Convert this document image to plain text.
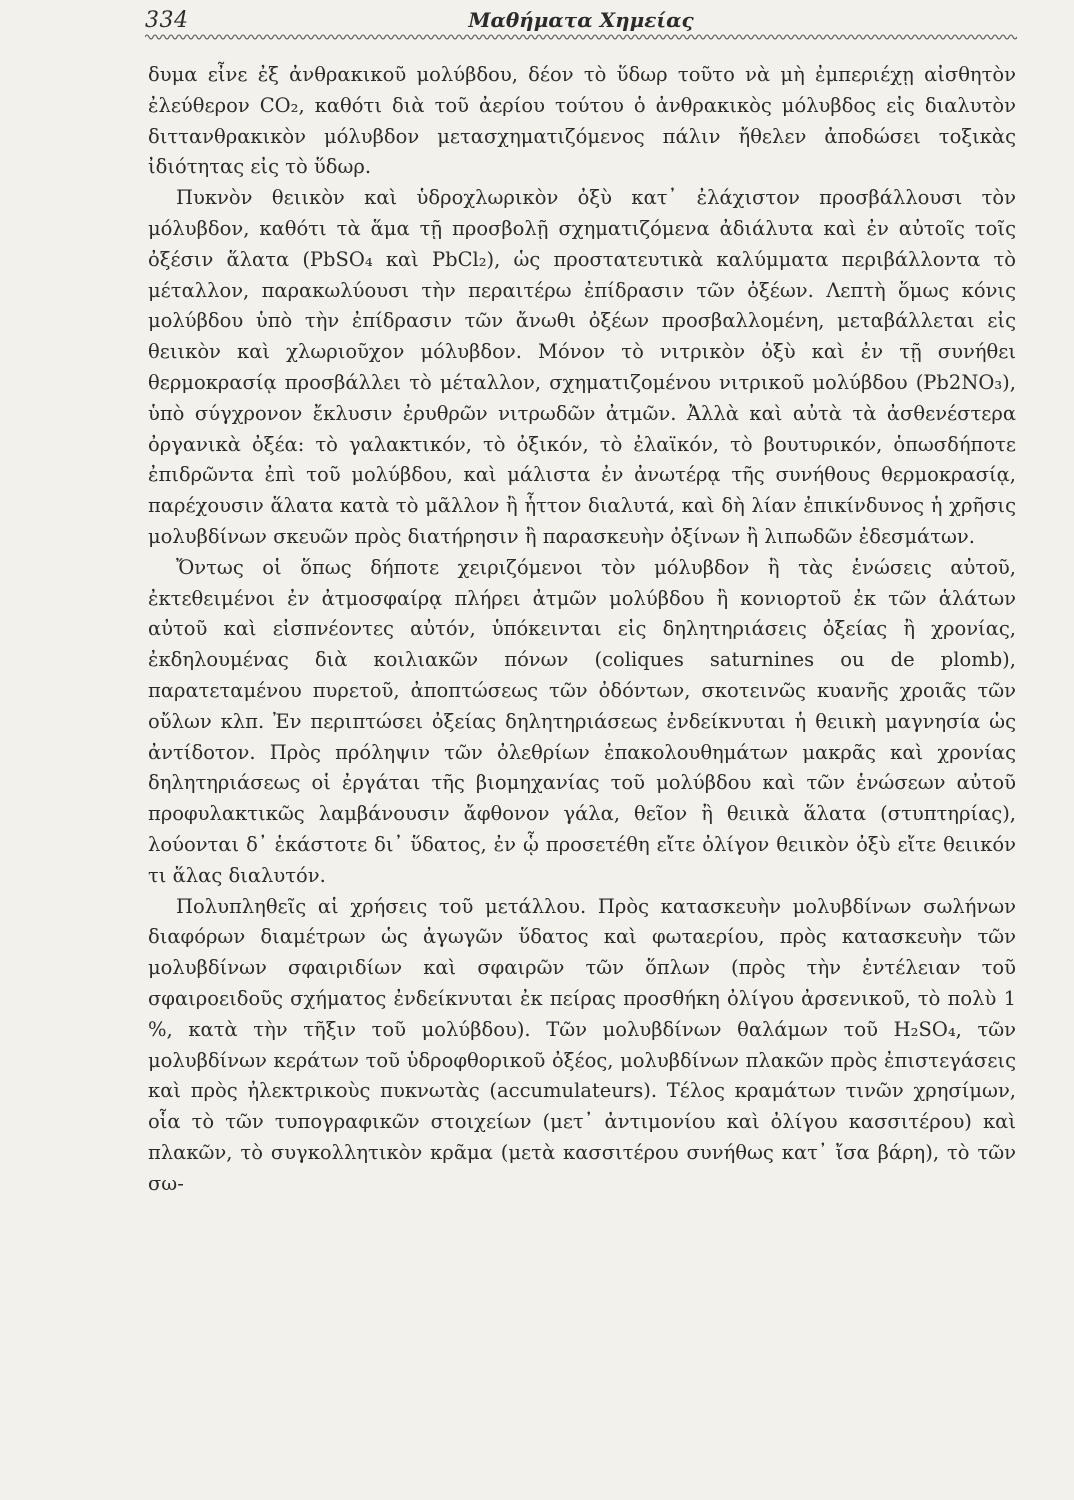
334	Μαθήματα Χημείας

δυμα εἶνε ἐξ ἀνθρακικοῦ μολύβδου, δέον τὸ ὕδωρ τοῦτο νὰ μὴ ἐμπεριέχῃ αἰσθητὸν ἐλεύθερον CO₂, καθότι διὰ τοῦ ἀερίου τούτου ὁ ἀνθρακικὸς μόλυβδος εἰς διαλυτὸν διττανθρακικὸν μόλυβδον μετασχηματιζόμενος πάλιν ἤθελεν ἀποδώσει τοξικὰς ἰδιότητας εἰς τὸ ὕδωρ.

Πυκνὸν θειικὸν καὶ ὑδροχλωρικὸν ὀξὺ κατ᾽ ἐλάχιστον προσβάλλουσι τὸν μόλυβδον, καθότι τὰ ἅμα τῇ προσβολῇ σχηματιζόμενα ἀδιάλυτα καὶ ἐν αὐτοῖς τοῖς ὀξέσιν ἅλατα (PbSO₄ καὶ PbCl₂), ὡς προστατευτικὰ καλύμματα περιβάλλοντα τὸ μέταλλον, παρακωλύουσι τὴν περαιτέρω ἐπίδρασιν τῶν ὀξέων. Λεπτὴ ὅμως κόνις μολύβδου ὑπὸ τὴν ἐπίδρασιν τῶν ἄνωθι ὀξέων προσβαλλομένη, μεταβάλλεται εἰς θειικὸν καὶ χλωριοῦχον μόλυβδον. Μόνον τὸ νιτρικὸν ὀξὺ καὶ ἐν τῇ συνήθει θερμοκρασίᾳ προσβάλλει τὸ μέταλλον, σχηματιζομένου νιτρικοῦ μολύβδου (Pb2NO₃), ὑπὸ σύγχρονον ἔκλυσιν ἐρυθρῶν νιτρωδῶν ἀτμῶν. Ἀλλὰ καὶ αὐτὰ τὰ ἀσθενέστερα ὀργανικὰ ὀξέα: τὸ γαλακτικόν, τὸ ὀξικόν, τὸ ἐλαϊκόν, τὸ βουτυρικόν, ὁπωσδήποτε ἐπιδρῶντα ἐπὶ τοῦ μολύβδου, καὶ μάλιστα ἐν ἀνωτέρᾳ τῆς συνήθους θερμοκρασίᾳ, παρέχουσιν ἅλατα κατὰ τὸ μᾶλλον ἢ ἧττον διαλυτά, καὶ δὴ λίαν ἐπικίνδυνος ἡ χρῆσις μολυβδίνων σκευῶν πρὸς διατήρησιν ἢ παρασκευὴν ὀξίνων ἢ λιπωδῶν ἐδεσμάτων.

Ὄντως οἱ ὅπως δήποτε χειριζόμενοι τὸν μόλυβδον ἢ τὰς ἑνώσεις αὐτοῦ, ἐκτεθειμένοι ἐν ἀτμοσφαίρᾳ πλήρει ἀτμῶν μολύβδου ἢ κονιορτοῦ ἐκ τῶν ἁλάτων αὐτοῦ καὶ εἰσπνέοντες αὐτόν, ὑπόκεινται εἰς δηλητηριάσεις ὀξείας ἢ χρονίας, ἐκδηλουμένας διὰ κοιλιακῶν πόνων (coliques saturnines ou de plomb), παρατεταμένου πυρετοῦ, ἀποπτώσεως τῶν ὀδόντων, σκοτεινῶς κυανῆς χροιᾶς τῶν οὔλων κλπ. Ἐν περιπτώσει ὀξείας δηλητηριάσεως ἐνδείκνυται ἡ θειικὴ μαγνησία ὡς ἀντίδοτον. Πρὸς πρόληψιν τῶν ὀλεθρίων ἐπακολουθημάτων μακρᾶς καὶ χρονίας δηλητηριάσεως οἱ ἐργάται τῆς βιομηχανίας τοῦ μολύβδου καὶ τῶν ἑνώσεων αὐτοῦ προφυλακτικῶς λαμβάνουσιν ἄφθονον γάλα, θεῖον ἢ θειικὰ ἅλατα (στυπτηρίας), λούονται δ᾽ ἑκάστοτε δι᾽ ὕδατος, ἐν ᾧ προσετέθη εἴτε ὀλίγον θειικὸν ὀξὺ εἴτε θειικόν τι ἅλας διαλυτόν.

Πολυπληθεῖς αἱ χρήσεις τοῦ μετάλλου. Πρὸς κατασκευὴν μολυβδίνων σωλήνων διαφόρων διαμέτρων ὡς ἀγωγῶν ὕδατος καὶ φωταερίου, πρὸς κατασκευὴν τῶν μολυβδίνων σφαιριδίων καὶ σφαιρῶν τῶν ὅπλων (πρὸς τὴν ἐντέλειαν τοῦ σφαιροειδοῦς σχήματος ἐνδείκνυται ἐκ πείρας προσθήκη ὀλίγου ἀρσενικοῦ, τὸ πολὺ 1 %, κατὰ τὴν τῆξιν τοῦ μολύβδου). Τῶν μολυβδίνων θαλάμων τοῦ H₂SO₄, τῶν μολυβδίνων κεράτων τοῦ ὑδροφθορικοῦ ὀξέος, μολυβδίνων πλακῶν πρὸς ἐπιστεγάσεις καὶ πρὸς ἠλεκτρικοὺς πυκνωτὰς (accumulateurs). Τέλος κραμάτων τινῶν χρησίμων, οἷα τὸ τῶν τυπογραφικῶν στοιχείων (μετ᾽ ἀντιμονίου καὶ ὀλίγου κασσιτέρου) καὶ πλακῶν, τὸ συγκολλητικὸν κρᾶμα (μετὰ κασσιτέρου συνήθως κατ᾽ ἴσα βάρη), τὸ τῶν σω-
